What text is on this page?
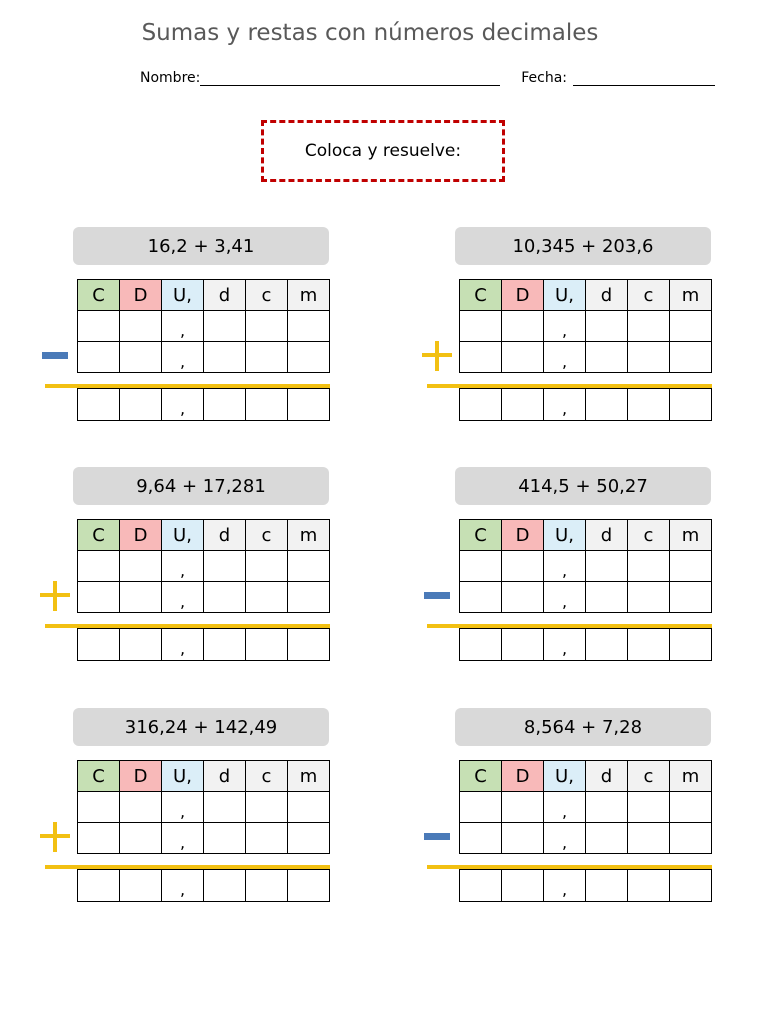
Sumas y restas con números decimales
Nombre:	Fecha:
Coloca y resuelve:
16,2 + 3,41
C	D	U,	d	c	m
		,			
		,			
		,			
10,345 + 203,6
C	D	U,	d	c	m
		,			
		,			
		,			
9,64 + 17,281
C	D	U,	d	c	m
		,			
		,			
		,			
414,5 + 50,27
C	D	U,	d	c	m
		,			
		,			
		,			
316,24 + 142,49
C	D	U,	d	c	m
		,			
		,			
		,			
8,564 + 7,28
C	D	U,	d	c	m
		,			
		,			
		,			
